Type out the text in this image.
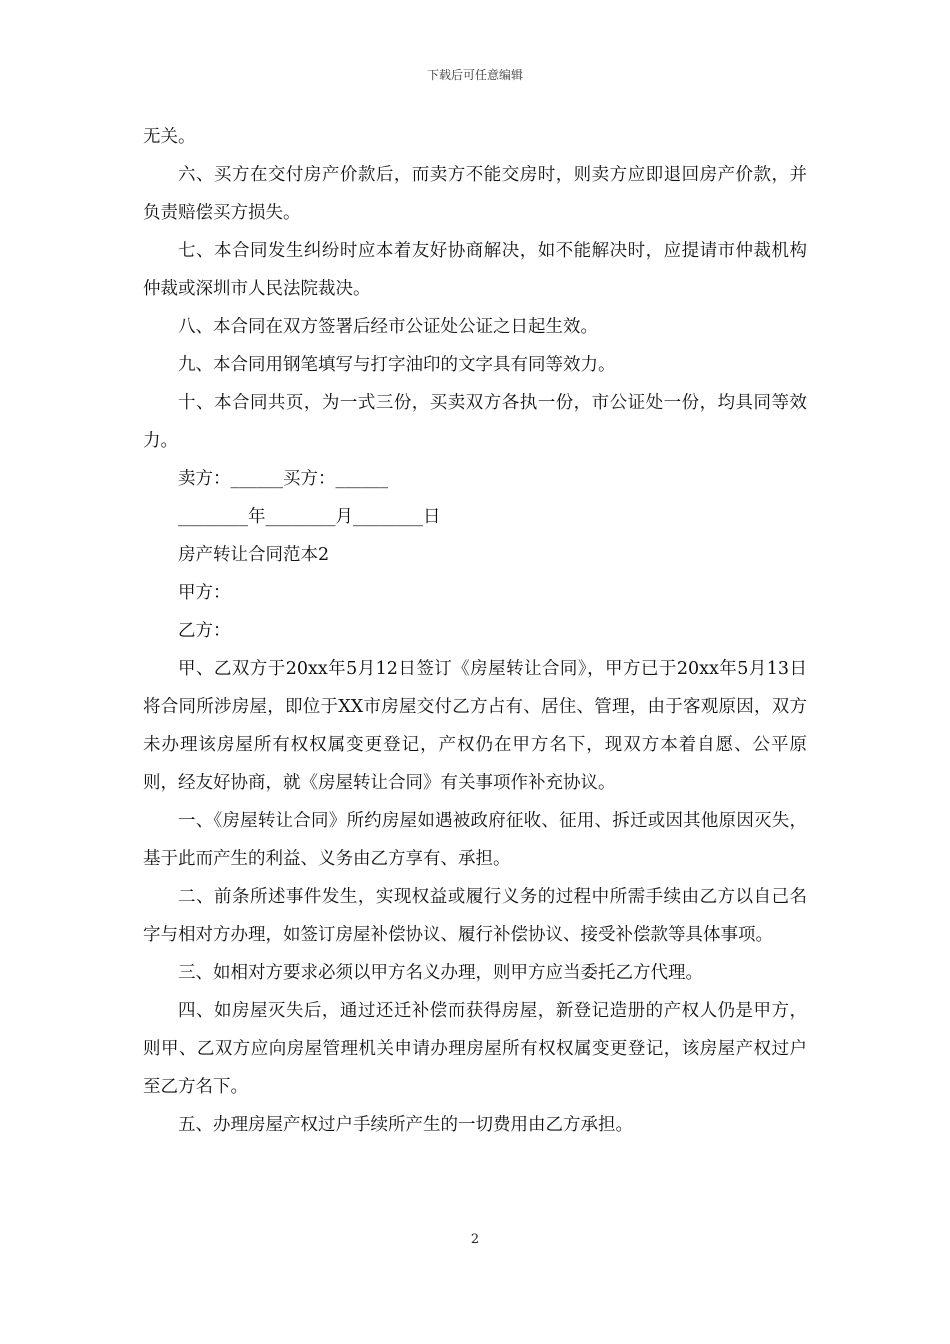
下载后可任意编辑

无关。

六、买方在交付房产价款后，而卖方不能交房时，则卖方应即退回房产价款，并负责赔偿买方损失。

七、本合同发生纠纷时应本着友好协商解决，如不能解决时，应提请市仲裁机构仲裁或深圳市人民法院裁决。

八、本合同在双方签署后经市公证处公证之日起生效。

九、本合同用钢笔填写与打字油印的文字具有同等效力。

十、本合同共页，为一式三份，买卖双方各执一份，市公证处一份，均具同等效力。

卖方：______买方：______

________年________月________日

房产转让合同范本2

甲方：

乙方：

甲、乙双方于20xx年5月12日签订《房屋转让合同》，甲方已于20xx年5月13日将合同所涉房屋，即位于XX市房屋交付乙方占有、居住、管理，由于客观原因，双方未办理该房屋所有权权属变更登记，产权仍在甲方名下，现双方本着自愿、公平原则，经友好协商，就《房屋转让合同》有关事项作补充协议。

一、《房屋转让合同》所约房屋如遇被政府征收、征用、拆迁或因其他原因灭失，基于此而产生的利益、义务由乙方享有、承担。

二、前条所述事件发生，实现权益或履行义务的过程中所需手续由乙方以自己名字与相对方办理，如签订房屋补偿协议、履行补偿协议、接受补偿款等具体事项。

三、如相对方要求必须以甲方名义办理，则甲方应当委托乙方代理。

四、如房屋灭失后，通过还迁补偿而获得房屋，新登记造册的产权人仍是甲方，则甲、乙双方应向房屋管理机关申请办理房屋所有权权属变更登记，该房屋产权过户至乙方名下。

五、办理房屋产权过户手续所产生的一切费用由乙方承担。

2
